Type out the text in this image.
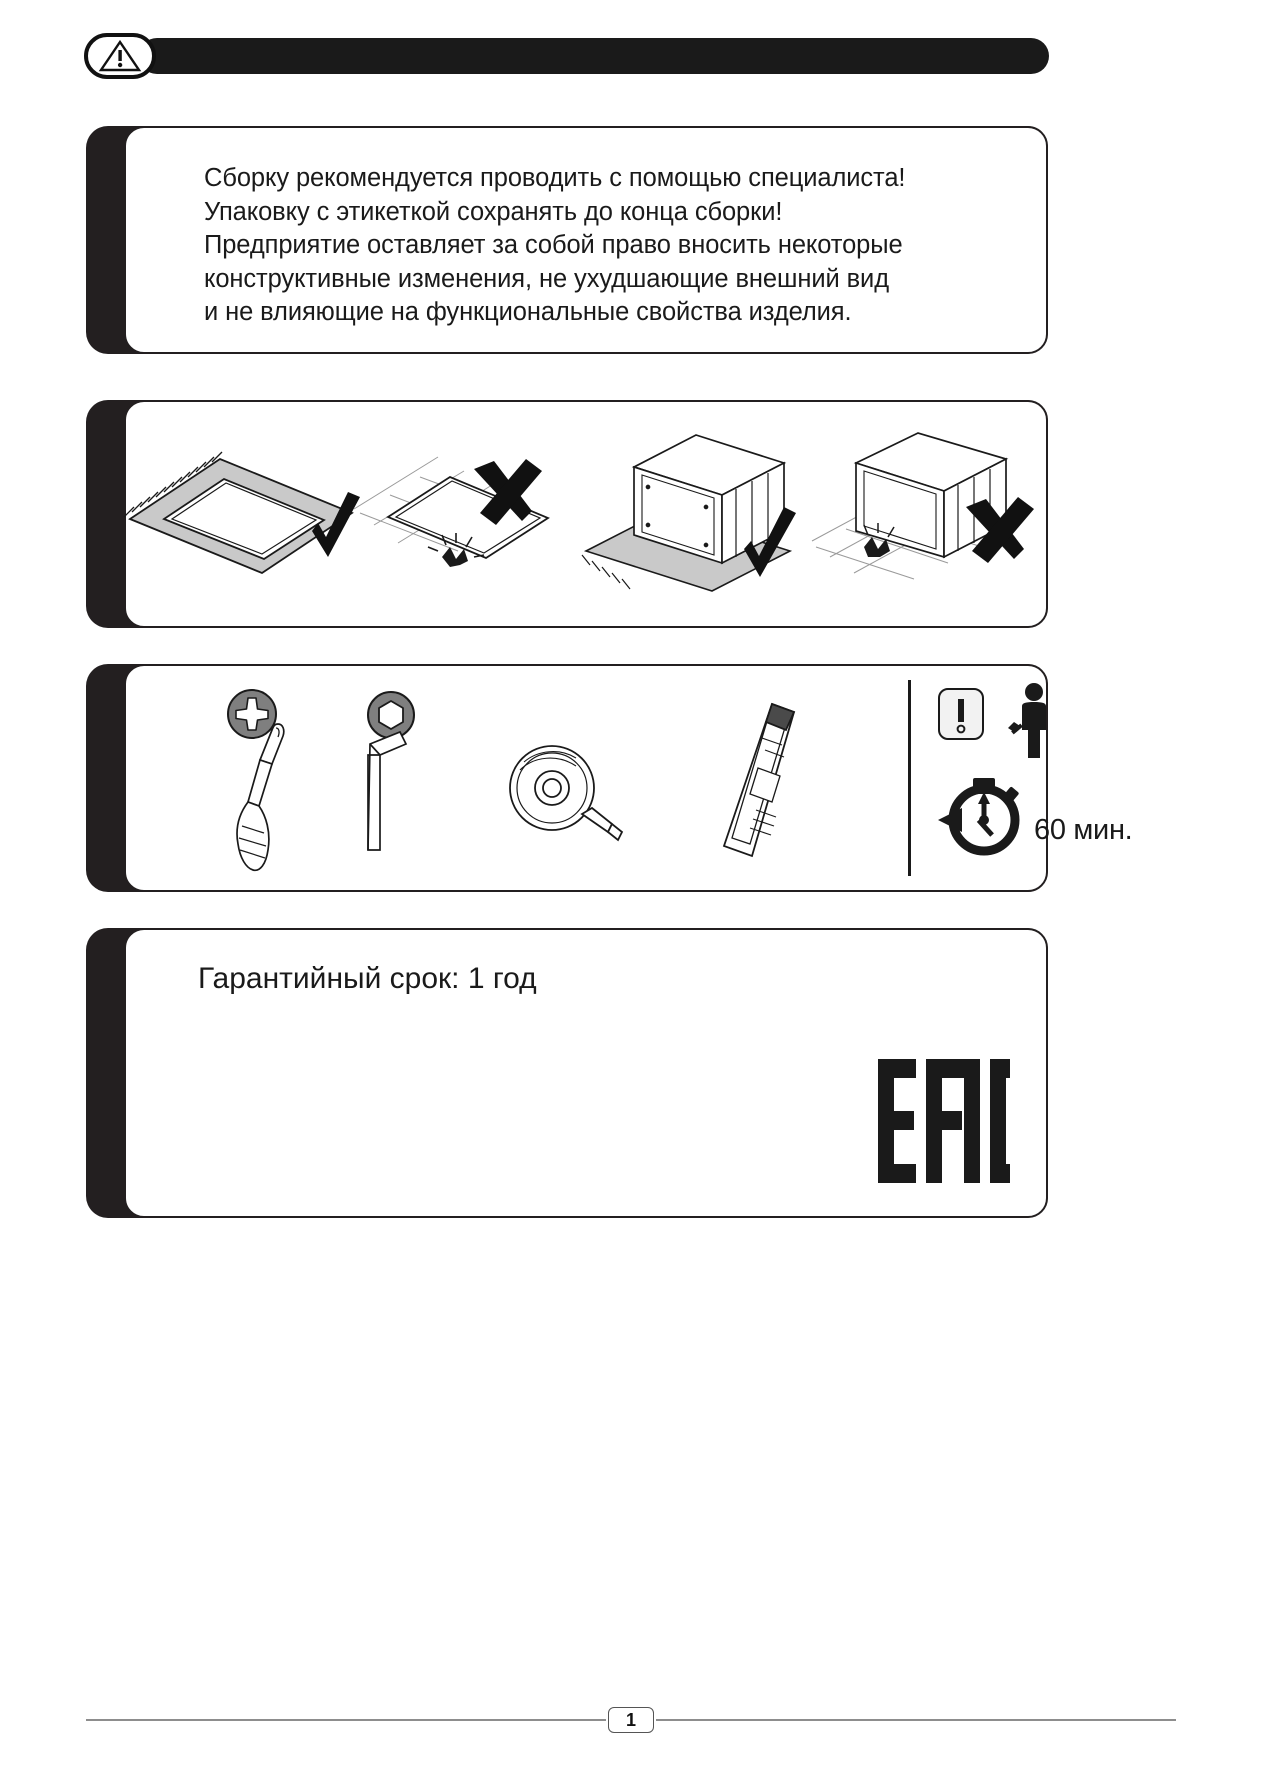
Сборку рекомендуется проводить с помощью специалиста!
Упаковку с этикеткой сохранять до конца сборки!
Предприятие оставляет за собой право вносить некоторые
конструктивные изменения, не ухудшающие внешний вид
и не влияющие на функциональные свойства изделия.
60 мин.
Гарантийный срок: 1 год
1
